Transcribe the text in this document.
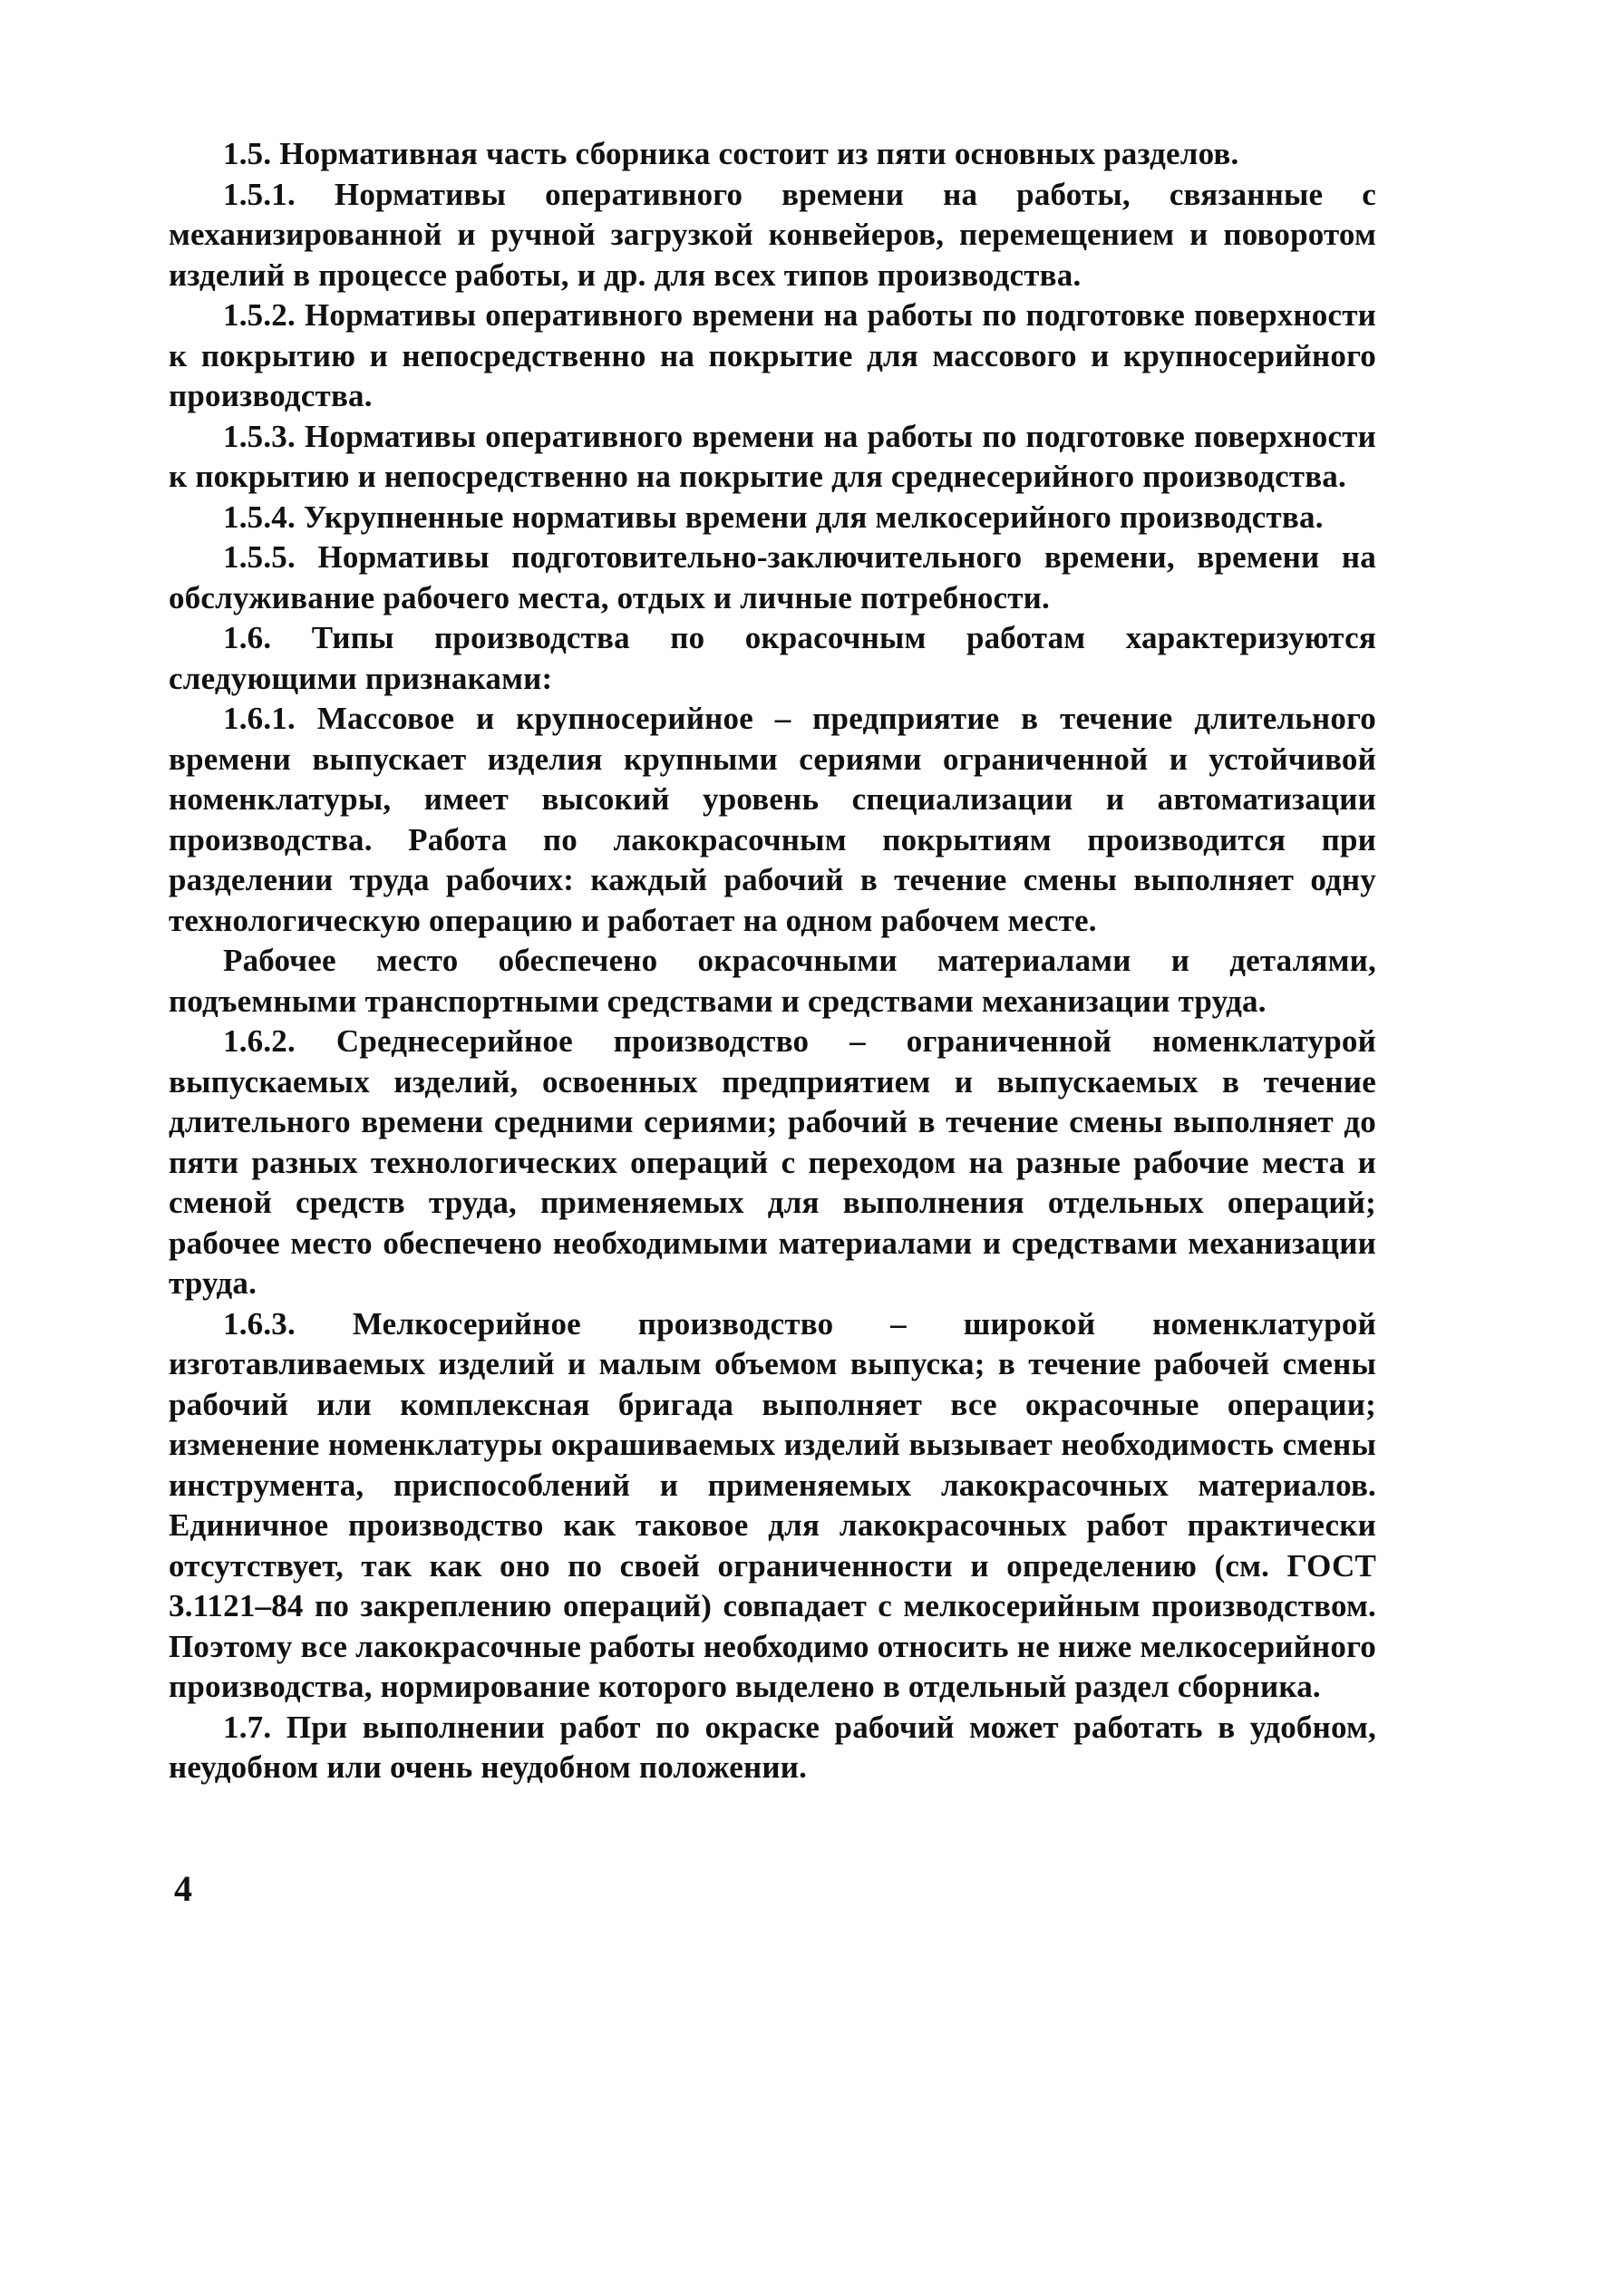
1.5. Нормативная часть сборника состоит из пяти основных разделов.

1.5.1. Нормативы оперативного времени на работы, связанные с механизированной и ручной загрузкой конвейеров, перемещением и поворотом изделий в процессе работы, и др. для всех типов производства.

1.5.2. Нормативы оперативного времени на работы по подготовке поверхности к покрытию и непосредственно на покрытие для массового и крупносерийного производства.

1.5.3. Нормативы оперативного времени на работы по подготовке поверхности к покрытию и непосредственно на покрытие для среднесерийного производства.

1.5.4. Укрупненные нормативы времени для мелкосерийного производства.

1.5.5. Нормативы подготовительно-заключительного времени, времени на обслуживание рабочего места, отдых и личные потребности.

1.6. Типы производства по окрасочным работам характеризуются следующими признаками:

1.6.1. Массовое и крупносерийное – предприятие в течение длительного времени выпускает изделия крупными сериями ограниченной и устойчивой номенклатуры, имеет высокий уровень специализации и автоматизации производства. Работа по лакокрасочным покрытиям производится при разделении труда рабочих: каждый рабочий в течение смены выполняет одну технологическую операцию и работает на одном рабочем месте.

Рабочее место обеспечено окрасочными материалами и деталями, подъемными транспортными средствами и средствами механизации труда.

1.6.2. Среднесерийное производство – ограниченной номенклатурой выпускаемых изделий, освоенных предприятием и выпускаемых в течение длительного времени средними сериями; рабочий в течение смены выполняет до пяти разных технологических операций с переходом на разные рабочие места и сменой средств труда, применяемых для выполнения отдельных операций; рабочее место обеспечено необходимыми материалами и средствами механизации труда.

1.6.3. Мелкосерийное производство – широкой номенклатурой изготавливаемых изделий и малым объемом выпуска; в течение рабочей смены рабочий или комплексная бригада выполняет все окрасочные операции; изменение номенклатуры окрашиваемых изделий вызывает необходимость смены инструмента, приспособлений и применяемых лакокрасочных материалов. Единичное производство как таковое для лакокрасочных работ практически отсутствует, так как оно по своей ограниченности и определению (см. ГОСТ 3.1121–84 по закреплению операций) совпадает с мелкосерийным производством. Поэтому все лакокрасочные работы необходимо относить не ниже мелкосерийного производства, нормирование которого выделено в отдельный раздел сборника.

1.7. При выполнении работ по окраске рабочий может работать в удобном, неудобном или очень неудобном положении.

4
